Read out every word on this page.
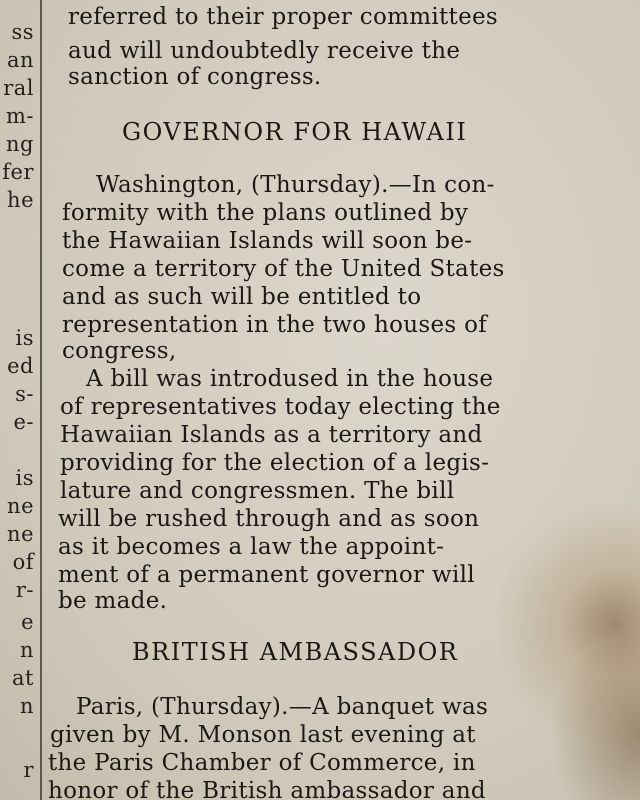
ss
an
ral
m-
ng
fer
he
is
ed
s-
e-
is
ne
ne
of
r-
e
n
at
n
r
referred to their proper committees
aud will undoubtedly receive the
sanction of congress.
GOVERNOR FOR HAWAII
Washington, (Thursday).—In con-
formity with the plans outlined by
the Hawaiian Islands will soon be-
come a territory of the United States
and as such will be entitled to
representation in the two houses of
congress,
A bill was introdused in the house
of representatives today electing the
Hawaiian Islands as a territory and
providing for the election of a legis-
lature and congressmen. The bill
will be rushed through and as soon
as it becomes a law the appoint-
ment of a permanent governor will
be made.
BRITISH AMBASSADOR
Paris, (Thursday).—A banquet was
given by M. Monson last evening at
the Paris Chamber of Commerce, in
honor of the British ambassador and
